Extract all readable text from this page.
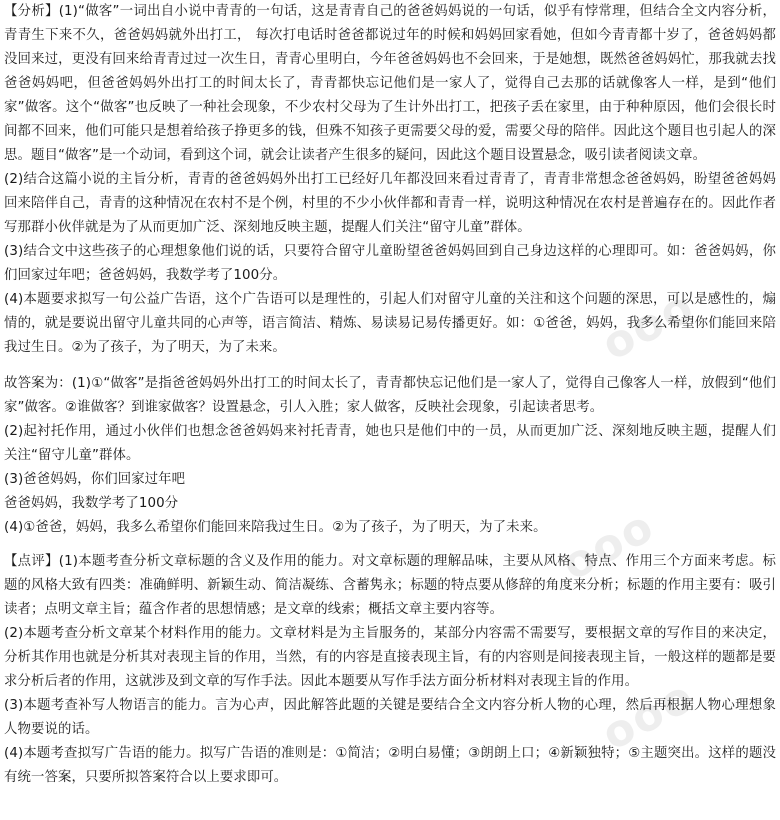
ooo
ooo
ooo

【分析】(1)“做客”一词出自小说中青青的一句话，这是青青自己的爸爸妈妈说的一句话，似乎有悖常理，但结合全文内容分析，青青生下来不久，爸爸妈妈就外出打工， 每次打电话时爸爸都说过年的时候和妈妈回家看她，但如今青青都十岁了，爸爸妈妈都没回来过，更没有回来给青青过过一次生日，青青心里明白，今年爸爸妈妈也不会回来，于是她想，既然爸爸妈妈忙，那我就去找爸爸妈妈吧，但爸爸妈妈外出打工的时间太长了，青青都快忘记他们是一家人了，觉得自己去那的话就像客人一样，是到“他们家”做客。这个“做客”也反映了一种社会现象，不少农村父母为了生计外出打工，把孩子丢在家里，由于种种原因，他们会很长时间都不回来，他们可能只是想着给孩子挣更多的钱，但殊不知孩子更需要父母的爱，需要父母的陪伴。因此这个题目也引起人的深思。题目“做客”是一个动词，看到这个词，就会让读者产生很多的疑问，因此这个题目设置悬念，吸引读者阅读文章。

(2)结合这篇小说的主旨分析，青青的爸爸妈妈外出打工已经好几年都没回来看过青青了，青青非常想念爸爸妈妈，盼望爸爸妈妈回来陪伴自己，青青的这种情况在农村不是个例，村里的不少小伙伴都和青青一样，说明这种情况在农村是普遍存在的。因此作者写那群小伙伴就是为了从而更加广泛、深刻地反映主题，提醒人们关注“留守儿童”群体。

(3)结合文中这些孩子的心理想象他们说的话，只要符合留守儿童盼望爸爸妈妈回到自己身边这样的心理即可。如：爸爸妈妈，你们回家过年吧；爸爸妈妈，我数学考了100分。

(4)本题要求拟写一句公益广告语，这个广告语可以是理性的，引起人们对留守儿童的关注和这个问题的深思，可以是感性的，煽情的，就是要说出留守儿童共同的心声等，语言简洁、精炼、易读易记易传播更好。如：①爸爸，妈妈，我多么希望你们能回来陪我过生日。②为了孩子，为了明天，为了未来。

故答案为：(1)①“做客”是指爸爸妈妈外出打工的时间太长了，青青都快忘记他们是一家人了，觉得自己像客人一样，放假到“他们家”做客。②谁做客？到谁家做客？设置悬念，引人入胜；家人做客，反映社会现象，引起读者思考。

(2)起衬托作用，通过小伙伴们也想念爸爸妈妈来衬托青青，她也只是他们中的一员，从而更加广泛、深刻地反映主题，提醒人们关注“留守儿童”群体。

(3)爸爸妈妈，你们回家过年吧

爸爸妈妈，我数学考了100分

(4)①爸爸，妈妈，我多么希望你们能回来陪我过生日。②为了孩子，为了明天，为了未来。

【点评】(1)本题考查分析文章标题的含义及作用的能力。对文章标题的理解品味，主要从风格、特点、作用三个方面来考虑。标题的风格大致有四类：准确鲜明、新颖生动、简洁凝练、含蓄隽永；标题的特点要从修辞的角度来分析；标题的作用主要有：吸引读者；点明文章主旨；蕴含作者的思想情感；是文章的线索；概括文章主要内容等。

(2)本题考查分析文章某个材料作用的能力。文章材料是为主旨服务的，某部分内容需不需要写，要根据文章的写作目的来决定，分析其作用也就是分析其对表现主旨的作用，当然，有的内容是直接表现主旨，有的内容则是间接表现主旨，一般这样的题都是要求分析后者的作用，这就涉及到文章的写作手法。因此本题要从写作手法方面分析材料对表现主旨的作用。

(3)本题考查补写人物语言的能力。言为心声，因此解答此题的关键是要结合全文内容分析人物的心理，然后再根据人物心理想象人物要说的话。

(4)本题考查拟写广告语的能力。拟写广告语的准则是：①简洁；②明白易懂；③朗朗上口；④新颖独特；⑤主题突出。这样的题没有统一答案，只要所拟答案符合以上要求即可。
